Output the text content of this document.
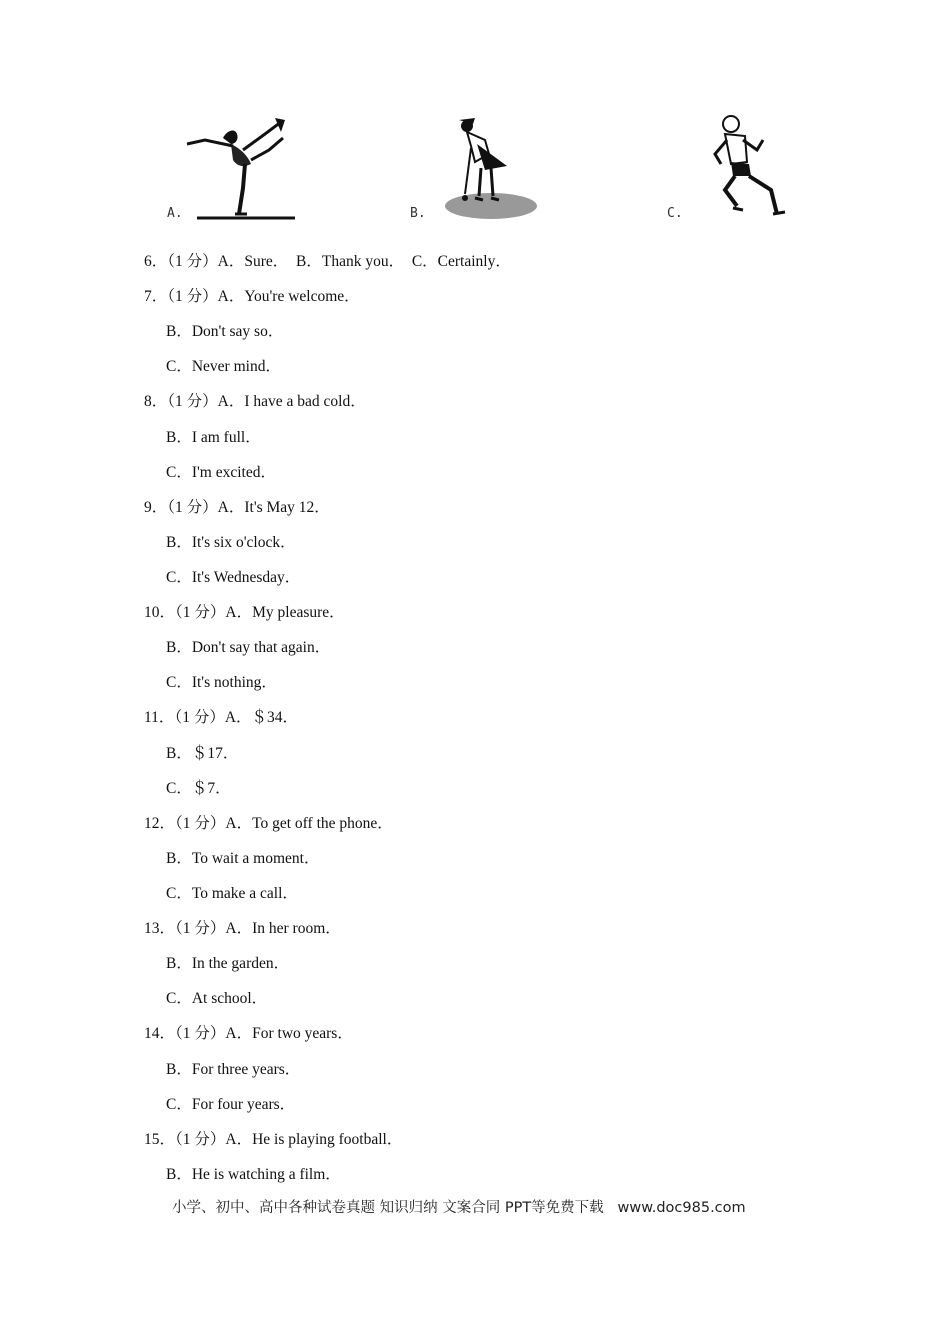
A.	B.	C.
6．（1 分）A．Sure．  B．Thank you．  C．Certainly．
7．（1 分）A．You're welcome．
B．Don't say so．
C．Never mind．
8．（1 分）A．I have a bad cold．
B．I am full．
C．I'm excited．
9．（1 分）A．It's May 12．
B．It's six o'clock．
C．It's Wednesday．
10．（1 分）A．My pleasure．
B．Don't say that again．
C．It's nothing．
11．（1 分）A．＄34．
B．＄17．
C．＄7．
12．（1 分）A．To get off the phone．
B．To wait a moment．
C．To make a call．
13．（1 分）A．In her room．
B．In the garden．
C．At school．
14．（1 分）A．For two years．
B．For three years．
C．For four years．
15．（1 分）A．He is playing football．
B．He is watching a film．
小学、初中、高中各种试卷真题 知识归纳 文案合同 PPT等免费下载   www.doc985.com
